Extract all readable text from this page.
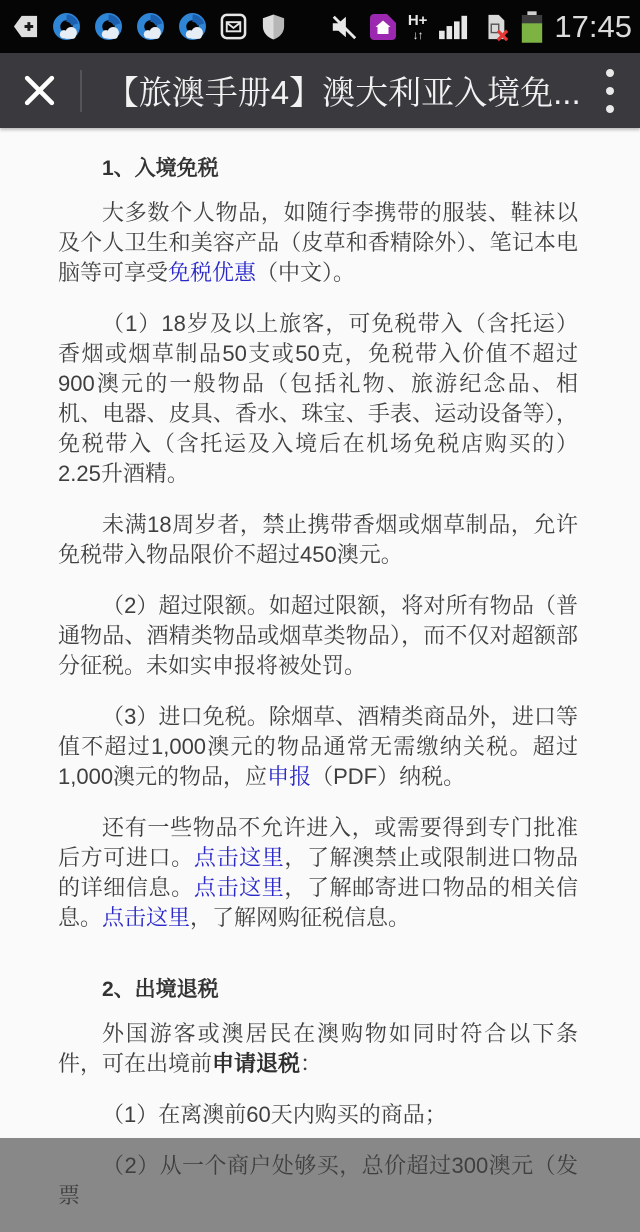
H+
↓↑	17:45
【旅澳手册4】澳大利亚入境免...
1、入境免税

大多数个人物品，如随行李携带的服装、鞋袜以及个人卫生和美容产品（皮草和香精除外）、笔记本电脑等可享受免税优惠（中文）。

（1）18岁及以上旅客，可免税带入（含托运）香烟或烟草制品50支或50克，免税带入价值不超过900澳元的一般物品（包括礼物、旅游纪念品、相机、电器、皮具、香水、珠宝、手表、运动设备等），免税带入（含托运及入境后在机场免税店购买的）2.25升酒精。

未满18周岁者，禁止携带香烟或烟草制品，允许免税带入物品限价不超过450澳元。

（2）超过限额。如超过限额，将对所有物品（普通物品、酒精类物品或烟草类物品），而不仅对超额部分征税。未如实申报将被处罚。

（3）进口免税。除烟草、酒精类商品外，进口等值不超过1,000澳元的物品通常无需缴纳关税。超过1,000澳元的物品，应申报（PDF）纳税。

还有一些物品不允许进入，或需要得到专门批准后方可进口。点击这里，了解澳禁止或限制进口物品的详细信息。点击这里，了解邮寄进口物品的相关信息。点击这里，了解网购征税信息。

2、出境退税

外国游客或澳居民在澳购物如同时符合以下条件，可在出境前申请退税：

（1）在离澳前60天内购买的商品；

（2）从一个商户处够买，总价超过300澳元（发票
